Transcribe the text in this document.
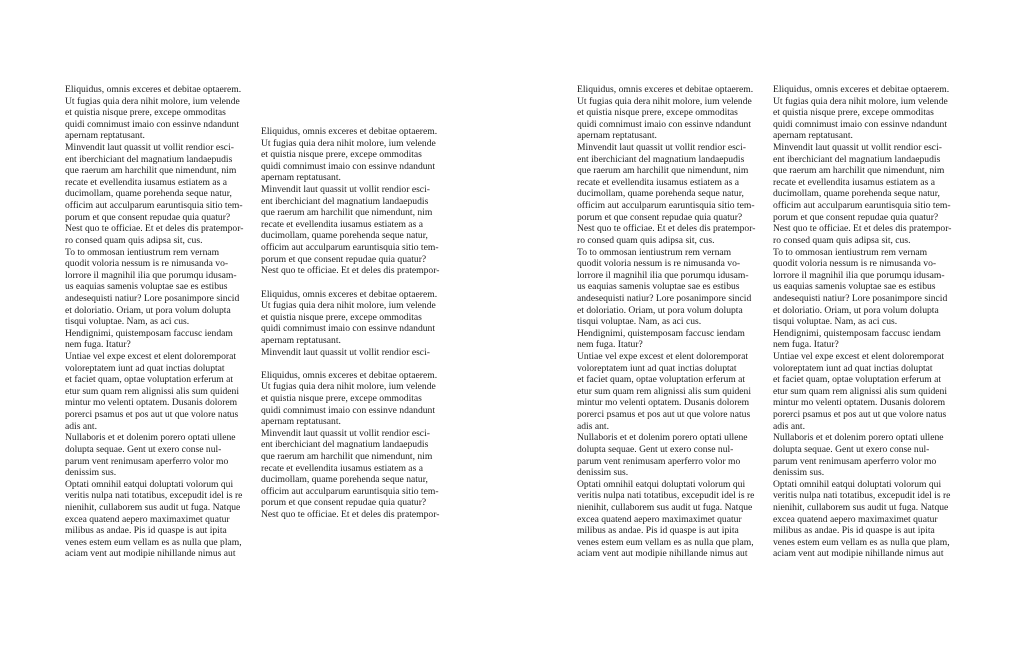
Eliquidus, omnis exceres et debitae optaerem.
Ut fugias quia dera nihit molore, ium velende
et quistia nisque prere, excepe ommoditas
quidi comnimust imaio con essinve ndandunt
apernam reptatusant.
Minvendit laut quassit ut vollit rendior esci-
ent iberchiciant del magnatium landaepudis
que raerum am harchilit que nimendunt, nim
recate et evellendita iusamus estiatem as a
ducimollam, quame porehenda seque natur,
officim aut acculparum earuntisquia sitio tem-
porum et que consent repudae quia quatur?
Nest quo te officiae. Et et deles dis pratempor-
ro consed quam quis adipsa sit, cus.
To to ommosan ientiustrum rem vernam
quodit voloria nessum is re nimusanda vo-
lorrore il magnihil ilia que porumqu idusam-
us eaquias samenis voluptae sae es estibus
andesequisti natiur? Lore posanimpore sincid
et doloriatio. Oriam, ut pora volum dolupta
tisqui voluptae. Nam, as aci cus.
Hendignimi, quistemposam faccusc iendam
nem fuga. Itatur?
Untiae vel expe excest et elent doloremporat
voloreptatem iunt ad quat inctias doluptat
et faciet quam, optae voluptation erferum at
etur sum quam rem alignissi alis sum quideni
mintur mo velenti optatem. Dusanis dolorem
porerci psamus et pos aut ut que volore natus
adis ant.
Nullaboris et et dolenim porero optati ullene
dolupta sequae. Gent ut exero conse nul-
parum vent renimusam aperferro volor mo
denissim sus.
Optati omnihil eatqui doluptati volorum qui
veritis nulpa nati totatibus, excepudit idel is re
nienihit, cullaborem sus audit ut fuga. Natque
excea quatend aepero maximaximet quatur
milibus as andae. Pis id quaspe is aut ipita
venes estem eum vellam es as nulla que plam,
aciam vent aut modipie nihillande nimus aut
Eliquidus, omnis exceres et debitae optaerem.
Ut fugias quia dera nihit molore, ium velende
et quistia nisque prere, excepe ommoditas
quidi comnimust imaio con essinve ndandunt
apernam reptatusant.
Minvendit laut quassit ut vollit rendior esci-
ent iberchiciant del magnatium landaepudis
que raerum am harchilit que nimendunt, nim
recate et evellendita iusamus estiatem as a
ducimollam, quame porehenda seque natur,
officim aut acculparum earuntisquia sitio tem-
porum et que consent repudae quia quatur?
Nest quo te officiae. Et et deles dis pratempor-
Eliquidus, omnis exceres et debitae optaerem.
Ut fugias quia dera nihit molore, ium velende
et quistia nisque prere, excepe ommoditas
quidi comnimust imaio con essinve ndandunt
apernam reptatusant.
Minvendit laut quassit ut vollit rendior esci-
Eliquidus, omnis exceres et debitae optaerem.
Ut fugias quia dera nihit molore, ium velende
et quistia nisque prere, excepe ommoditas
quidi comnimust imaio con essinve ndandunt
apernam reptatusant.
Minvendit laut quassit ut vollit rendior esci-
ent iberchiciant del magnatium landaepudis
que raerum am harchilit que nimendunt, nim
recate et evellendita iusamus estiatem as a
ducimollam, quame porehenda seque natur,
officim aut acculparum earuntisquia sitio tem-
porum et que consent repudae quia quatur?
Nest quo te officiae. Et et deles dis pratempor-
Eliquidus, omnis exceres et debitae optaerem.
Ut fugias quia dera nihit molore, ium velende
et quistia nisque prere, excepe ommoditas
quidi comnimust imaio con essinve ndandunt
apernam reptatusant.
Minvendit laut quassit ut vollit rendior esci-
ent iberchiciant del magnatium landaepudis
que raerum am harchilit que nimendunt, nim
recate et evellendita iusamus estiatem as a
ducimollam, quame porehenda seque natur,
officim aut acculparum earuntisquia sitio tem-
porum et que consent repudae quia quatur?
Nest quo te officiae. Et et deles dis pratempor-
ro consed quam quis adipsa sit, cus.
To to ommosan ientiustrum rem vernam
quodit voloria nessum is re nimusanda vo-
lorrore il magnihil ilia que porumqu idusam-
us eaquias samenis voluptae sae es estibus
andesequisti natiur? Lore posanimpore sincid
et doloriatio. Oriam, ut pora volum dolupta
tisqui voluptae. Nam, as aci cus.
Hendignimi, quistemposam faccusc iendam
nem fuga. Itatur?
Untiae vel expe excest et elent doloremporat
voloreptatem iunt ad quat inctias doluptat
et faciet quam, optae voluptation erferum at
etur sum quam rem alignissi alis sum quideni
mintur mo velenti optatem. Dusanis dolorem
porerci psamus et pos aut ut que volore natus
adis ant.
Nullaboris et et dolenim porero optati ullene
dolupta sequae. Gent ut exero conse nul-
parum vent renimusam aperferro volor mo
denissim sus.
Optati omnihil eatqui doluptati volorum qui
veritis nulpa nati totatibus, excepudit idel is re
nienihit, cullaborem sus audit ut fuga. Natque
excea quatend aepero maximaximet quatur
milibus as andae. Pis id quaspe is aut ipita
venes estem eum vellam es as nulla que plam,
aciam vent aut modipie nihillande nimus aut
Eliquidus, omnis exceres et debitae optaerem.
Ut fugias quia dera nihit molore, ium velende
et quistia nisque prere, excepe ommoditas
quidi comnimust imaio con essinve ndandunt
apernam reptatusant.
Minvendit laut quassit ut vollit rendior esci-
ent iberchiciant del magnatium landaepudis
que raerum am harchilit que nimendunt, nim
recate et evellendita iusamus estiatem as a
ducimollam, quame porehenda seque natur,
officim aut acculparum earuntisquia sitio tem-
porum et que consent repudae quia quatur?
Nest quo te officiae. Et et deles dis pratempor-
ro consed quam quis adipsa sit, cus.
To to ommosan ientiustrum rem vernam
quodit voloria nessum is re nimusanda vo-
lorrore il magnihil ilia que porumqu idusam-
us eaquias samenis voluptae sae es estibus
andesequisti natiur? Lore posanimpore sincid
et doloriatio. Oriam, ut pora volum dolupta
tisqui voluptae. Nam, as aci cus.
Hendignimi, quistemposam faccusc iendam
nem fuga. Itatur?
Untiae vel expe excest et elent doloremporat
voloreptatem iunt ad quat inctias doluptat
et faciet quam, optae voluptation erferum at
etur sum quam rem alignissi alis sum quideni
mintur mo velenti optatem. Dusanis dolorem
porerci psamus et pos aut ut que volore natus
adis ant.
Nullaboris et et dolenim porero optati ullene
dolupta sequae. Gent ut exero conse nul-
parum vent renimusam aperferro volor mo
denissim sus.
Optati omnihil eatqui doluptati volorum qui
veritis nulpa nati totatibus, excepudit idel is re
nienihit, cullaborem sus audit ut fuga. Natque
excea quatend aepero maximaximet quatur
milibus as andae. Pis id quaspe is aut ipita
venes estem eum vellam es as nulla que plam,
aciam vent aut modipie nihillande nimus aut
